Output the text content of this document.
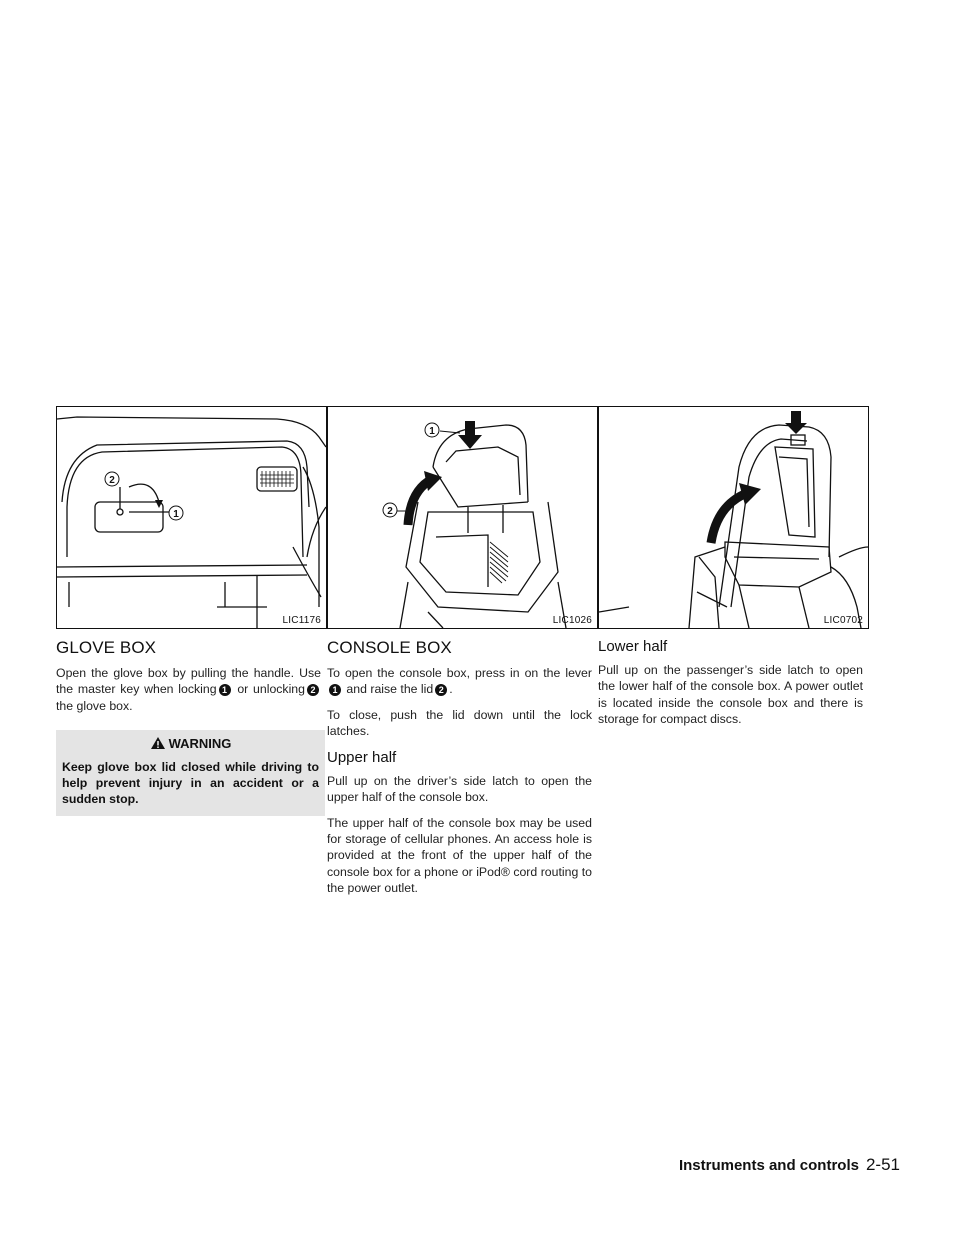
2
1
LIC1176
GLOVE BOX

Open the glove box by pulling the handle. Use the master key when locking 1 or unlocking 2 the glove box.

WARNING
Keep glove box lid closed while driving to help prevent injury in an accident or a sudden stop.
1
2
LIC1026
CONSOLE BOX

To open the console box, press in on the lever1 and raise the lid 2 .

To close, push the lid down until the lock latches.

Upper half

Pull up on the driver’s side latch to open the upper half of the console box.

The upper half of the console box may be used for storage of cellular phones. An access hole is provided at the front of the upper half of the console box for a phone or iPod® cord routing to the power outlet.

LIC0702
Lower half

Pull up on the passenger’s side latch to open the lower half of the console box. A power outlet is located inside the console box and there is storage for compact discs.

Instruments and controls 2-51
